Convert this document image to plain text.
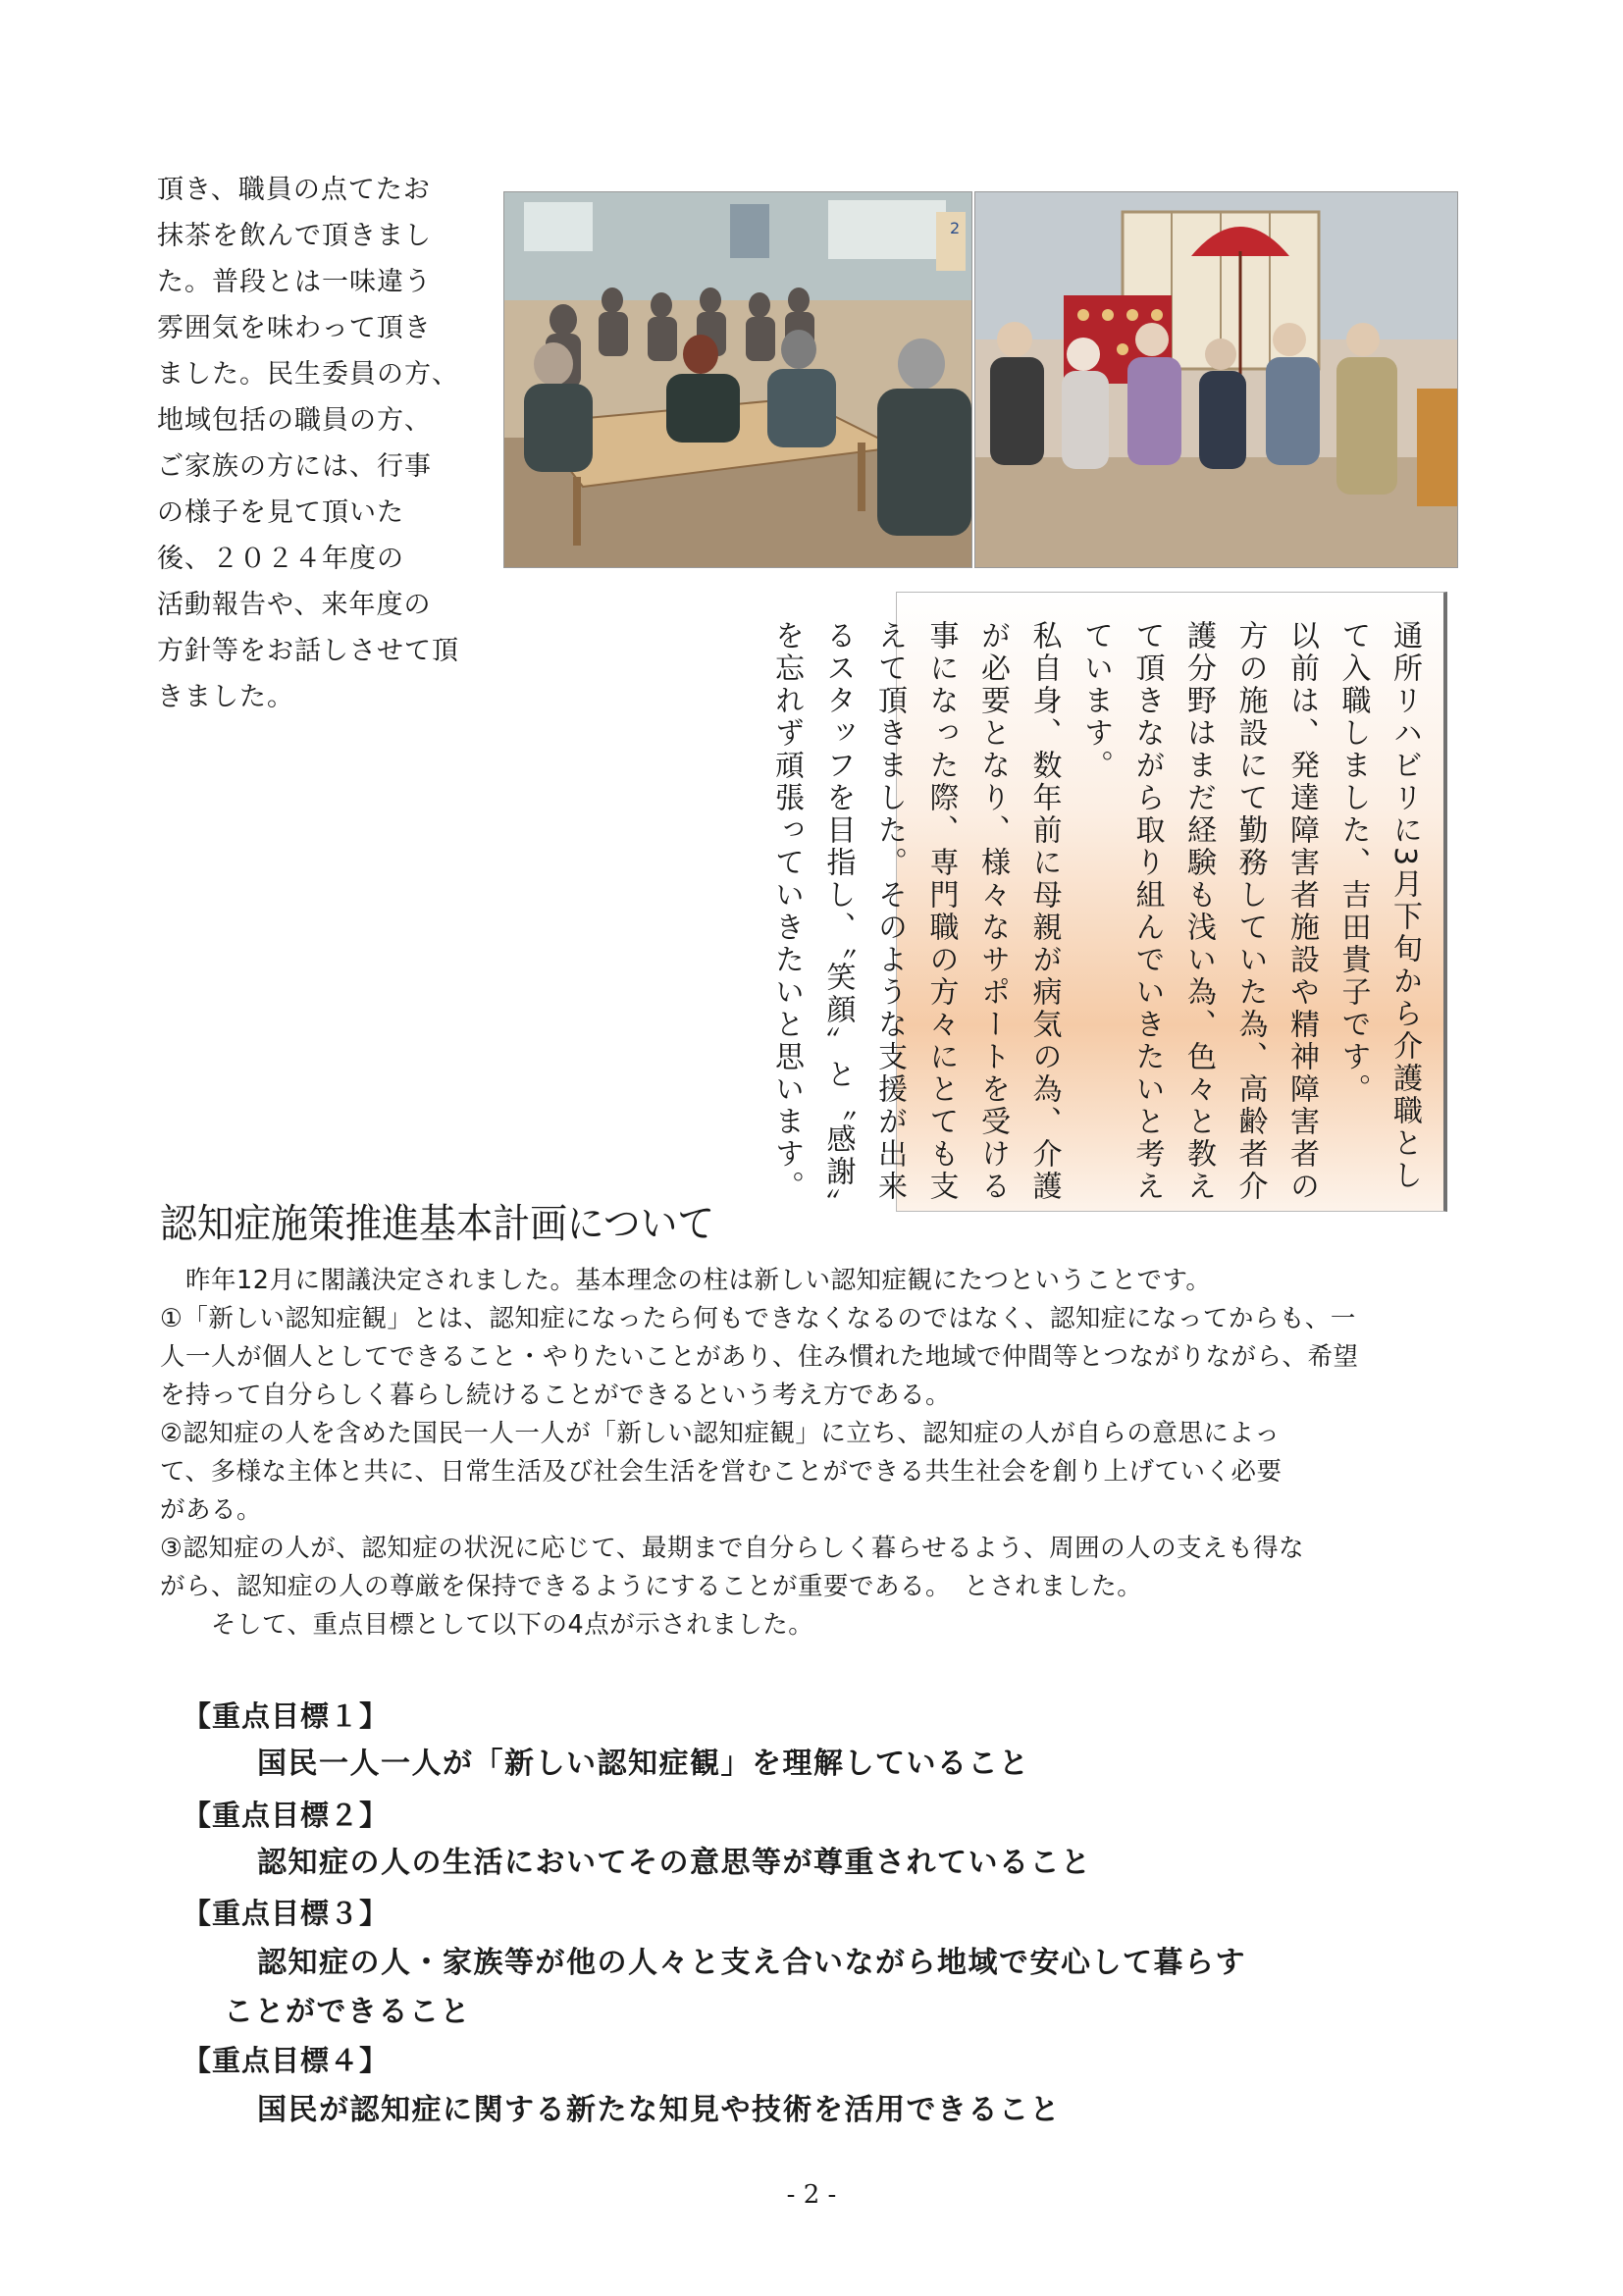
頂き、職員の点てたお
抹茶を飲んで頂きまし
た。普段とは一味違う
雰囲気を味わって頂き
ました。民生委員の方、
地域包括の職員の方、
ご家族の方には、行事
の様子を見て頂いた
後、２０２４年度の
活動報告や、来年度の
方針等をお話しさせて頂
きました。
2
通所リハビリに3月下旬から介護職とし
て入職しました、吉田貴子です。
以前は、発達障害者施設や精神障害者の
方の施設にて勤務していた為、高齢者介
護分野はまだ経験も浅い為、色々と教え
て頂きながら取り組んでいきたいと考え
ています。
私自身、数年前に母親が病気の為、介護
が必要となり、様々なサポートを受ける
事になった際、専門職の方々にとても支
えて頂きました。そのような支援が出来
るスタッフを目指し、〝笑顔〟と〝感謝〟
を忘れず頑張っていきたいと思います。
認知症施策推進基本計画について
　昨年12月に閣議決定されました。基本理念の柱は新しい認知症観にたつということです。
①「新しい認知症観」とは、認知症になったら何もできなくなるのではなく、認知症になってからも、一
人一人が個人としてできること・やりたいことがあり、住み慣れた地域で仲間等とつながりながら、希望
を持って自分らしく暮らし続けることができるという考え方である。
②認知症の人を含めた国民一人一人が「新しい認知症観」に立ち、認知症の人が自らの意思によっ
て、多様な主体と共に、日常生活及び社会生活を営むことができる共生社会を創り上げていく必要
がある。
③認知症の人が、認知症の状況に応じて、最期まで自分らしく暮らせるよう、周囲の人の支えも得な
がら、認知症の人の尊厳を保持できるようにすることが重要である。　とされました。
　　そして、重点目標として以下の4点が示されました。
【重点目標１】
国民一人一人が「新しい認知症観」を理解していること
【重点目標２】
認知症の人の生活においてその意思等が尊重されていること
【重点目標３】
認知症の人・家族等が他の人々と支え合いながら地域で安心して暮らす
ことができること
【重点目標４】
国民が認知症に関する新たな知見や技術を活用できること
- 2 -
